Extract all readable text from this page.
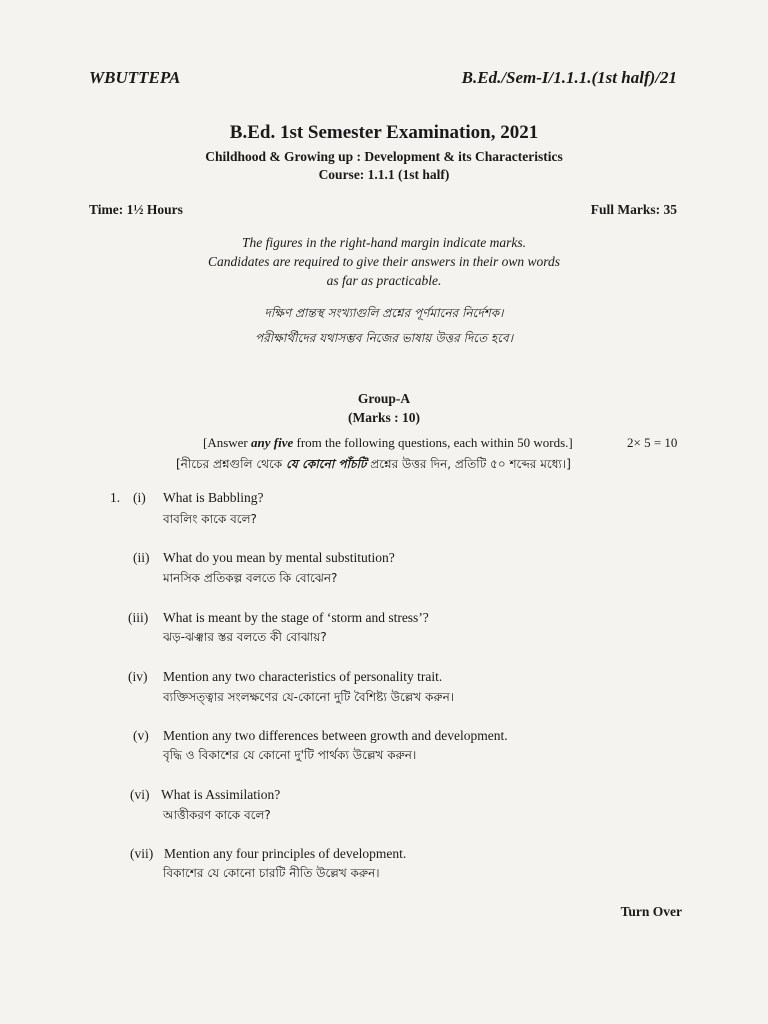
WBUTTEPA	B.Ed./Sem-I/1.1.1.(1st half)/21
B.Ed. 1st Semester Examination, 2021
Childhood & Growing up : Development & its Characteristics
Course: 1.1.1 (1st half)
Time: 1½ Hours	Full Marks: 35
The figures in the right-hand margin indicate marks.
Candidates are required to give their answers in their own words
as far as practicable.
দক্ষিণ প্রান্তস্থ সংখ্যাগুলি প্রশ্নের পূর্ণমানের নির্দেশক।
পরীক্ষার্থীদের যথাসম্ভব নিজের ভাষায় উত্তর দিতে হবে।
Group-A
(Marks : 10)
[Answer any five from the following questions, each within 50 words.]	2× 5 = 10
[নীচের প্রশ্নগুলি থেকে যে কোনো পাঁচটি প্রশ্নের উত্তর দিন, প্রতিটি ৫০ শব্দের মধ্যে।]
1. (i) What is Babbling?
বাবলিং কাকে বলে?
(ii) What do you mean by mental substitution?
মানসিক প্রতিকল্প বলতে কি বোঝেন?
(iii) What is meant by the stage of ‘storm and stress’?
ঝড়-ঝঞ্ঝার স্তর বলতে কী বোঝায়?
(iv) Mention any two characteristics of personality trait.
ব্যক্তিসত্ত্বার সংলক্ষণের যে-কোনো দুটি বৈশিষ্ট্য উল্লেখ করুন।
(v) Mention any two differences between growth and development.
বৃদ্ধি ও বিকাশের যে কোনো দু'টি পার্থক্য উল্লেখ করুন।
(vi) What is Assimilation?
আত্তীকরণ কাকে বলে?
(vii) Mention any four principles of development.
বিকাশের যে কোনো চারটি নীতি উল্লেখ করুন।
Turn Over
